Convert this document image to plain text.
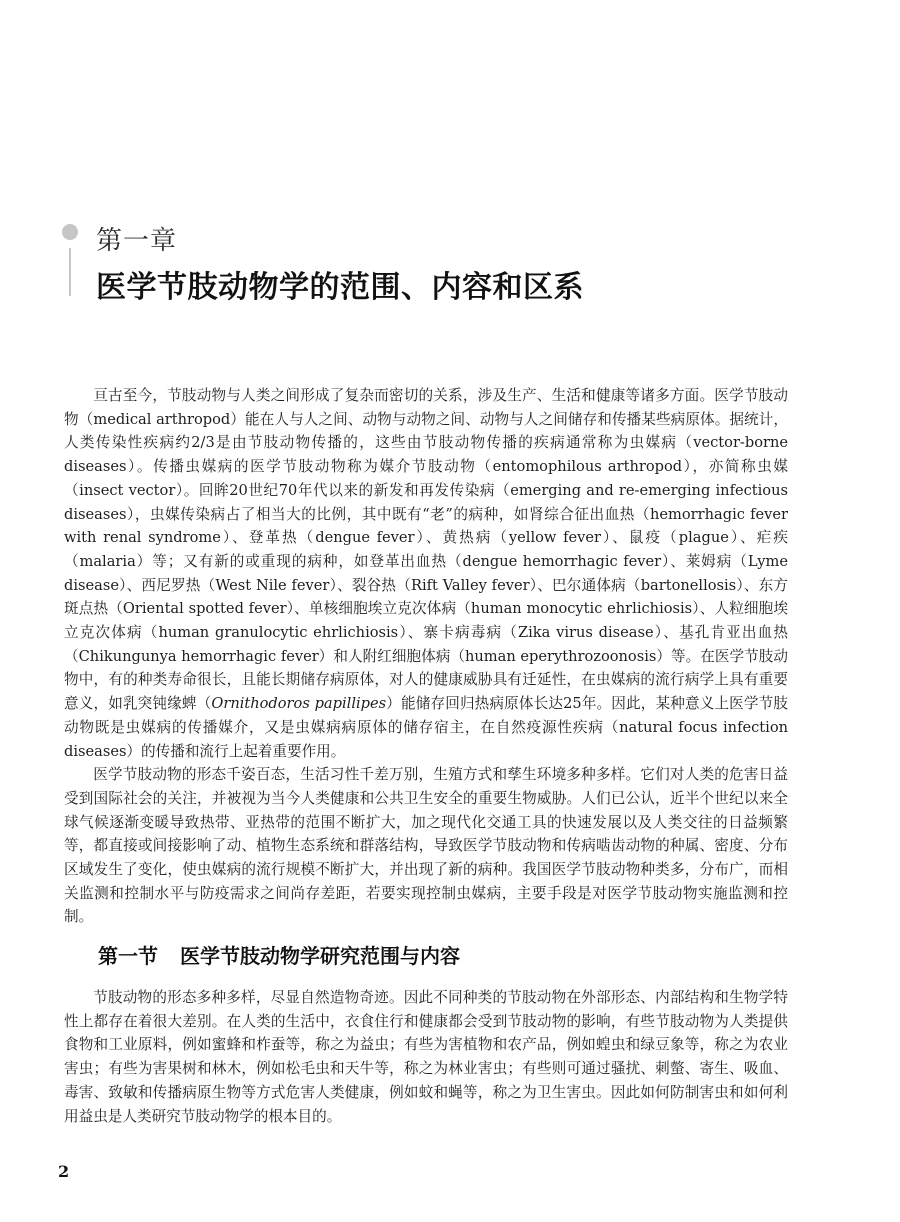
第一章
医学节肢动物学的范围、内容和区系

亘古至今，节肢动物与人类之间形成了复杂而密切的关系，涉及生产、生活和健康等诸多方面。医学节肢动物（medical arthropod）能在人与人之间、动物与动物之间、动物与人之间储存和传播某些病原体。据统计，人类传染性疾病约2/3是由节肢动物传播的，这些由节肢动物传播的疾病通常称为虫媒病（vector-borne diseases）。传播虫媒病的医学节肢动物称为媒介节肢动物（entomophilous arthropod），亦简称虫媒（insect vector）。回眸20世纪70年代以来的新发和再发传染病（emerging and re-emerging infectious diseases），虫媒传染病占了相当大的比例，其中既有“老”的病种，如肾综合征出血热（hemorrhagic fever with renal syndrome）、登革热（dengue fever）、黄热病（yellow fever）、鼠疫（plague）、疟疾（malaria）等；又有新的或重现的病种，如登革出血热（dengue hemorrhagic fever）、莱姆病（Lyme disease）、西尼罗热（West Nile fever）、裂谷热（Rift Valley fever）、巴尔通体病（bartonellosis）、东方斑点热（Oriental spotted fever）、单核细胞埃立克次体病（human monocytic ehrlichiosis）、人粒细胞埃立克次体病（human granulocytic ehrlichiosis）、寨卡病毒病（Zika virus disease）、基孔肯亚出血热（Chikungunya hemorrhagic fever）和人附红细胞体病（human eperythrozoonosis）等。在医学节肢动物中，有的种类寿命很长，且能长期储存病原体，对人的健康威胁具有迁延性，在虫媒病的流行病学上具有重要意义，如乳突钝缘蜱（Ornithodoros papillipes）能储存回归热病原体长达25年。因此，某种意义上医学节肢动物既是虫媒病的传播媒介，又是虫媒病病原体的储存宿主，在自然疫源性疾病（natural focus infection diseases）的传播和流行上起着重要作用。

医学节肢动物的形态千姿百态，生活习性千差万别，生殖方式和孳生环境多种多样。它们对人类的危害日益受到国际社会的关注，并被视为当今人类健康和公共卫生安全的重要生物威胁。人们已公认，近半个世纪以来全球气候逐渐变暖导致热带、亚热带的范围不断扩大，加之现代化交通工具的快速发展以及人类交往的日益频繁等，都直接或间接影响了动、植物生态系统和群落结构，导致医学节肢动物和传病啮齿动物的种属、密度、分布区域发生了变化，使虫媒病的流行规模不断扩大，并出现了新的病种。我国医学节肢动物种类多，分布广，而相关监测和控制水平与防疫需求之间尚存差距，若要实现控制虫媒病，主要手段是对医学节肢动物实施监测和控制。

第一节 医学节肢动物学研究范围与内容

节肢动物的形态多种多样，尽显自然造物奇迹。因此不同种类的节肢动物在外部形态、内部结构和生物学特性上都存在着很大差别。在人类的生活中，衣食住行和健康都会受到节肢动物的影响，有些节肢动物为人类提供食物和工业原料，例如蜜蜂和柞蚕等，称之为益虫；有些为害植物和农产品，例如蝗虫和绿豆象等，称之为农业害虫；有些为害果树和林木，例如松毛虫和天牛等，称之为林业害虫；有些则可通过骚扰、刺螫、寄生、吸血、毒害、致敏和传播病原生物等方式危害人类健康，例如蚊和蝇等，称之为卫生害虫。因此如何防制害虫和如何利用益虫是人类研究节肢动物学的根本目的。

2
